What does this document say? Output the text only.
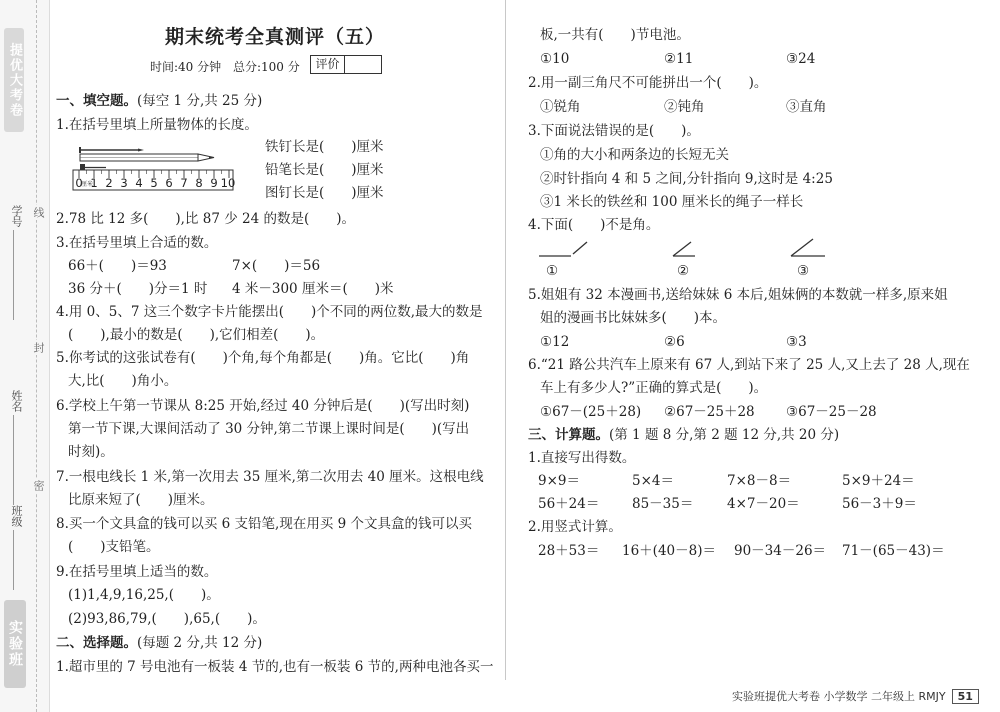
提优大考卷
学号
姓名
班级
实验班
线
封
密
期末统考全真测评（五）
时间:40 分钟 总分:100 分	评价
一、填空题。(每空 1 分,共 25 分)
1.在括号里填上所量物体的长度。
0
厘米
1 2 3 4 5 6 7 8 9 10
铁钉长是(　　)厘米
铅笔长是(　　)厘米
图钉长是(　　)厘米
2.78 比 12 多(　　),比 87 少 24 的数是(　　)。
3.在括号里填上合适的数。
66＋(　　)＝93	7×(　　)＝56
36 分＋(　　)分＝1 时 4 米－300 厘米＝(　　)米
4.用 0、5、7 这三个数字卡片能摆出(　　)个不同的两位数,最大的数是
(　　),最小的数是(　　),它们相差(　　)。
5.你考试的这张试卷有(　　)个角,每个角都是(　　)角。它比(　　)角
大,比(　　)角小。
6.学校上午第一节课从 8:25 开始,经过 40 分钟后是(　　)(写出时刻)
第一节下课,大课间活动了 30 分钟,第二节课上课时间是(　　)(写出
时刻)。
7.一根电线长 1 米,第一次用去 35 厘米,第二次用去 40 厘米。这根电线
比原来短了(　　)厘米。
8.买一个文具盒的钱可以买 6 支铅笔,现在用买 9 个文具盒的钱可以买
(　　)支铅笔。
9.在括号里填上适当的数。
(1)1,4,9,16,25,(　　)。
(2)93,86,79,(　　),65,(　　)。
二、选择题。(每题 2 分,共 12 分)
1.超市里的 7 号电池有一板装 4 节的,也有一板装 6 节的,两种电池各买一
板,一共有(　　)节电池。
①10	②11	③24
2.用一副三角尺不可能拼出一个(　　)。
①锐角	②钝角	③直角
3.下面说法错误的是(　　)。
①角的大小和两条边的长短无关
②时针指向 4 和 5 之间,分针指向 9,这时是 4:25
③1 米长的铁丝和 100 厘米长的绳子一样长
4.下面(　　)不是角。
①	②	③
5.姐姐有 32 本漫画书,送给妹妹 6 本后,姐妹俩的本数就一样多,原来姐
姐的漫画书比妹妹多(　　)本。
①12	②6	③3
6.“21 路公共汽车上原来有 67 人,到站下来了 25 人,又上去了 28 人,现在
车上有多少人?”正确的算式是(　　)。
①67－(25＋28) ②67－25＋28 ③67－25－28
三、计算题。(第 1 题 8 分,第 2 题 12 分,共 20 分)
1.直接写出得数。
9×9＝	5×4＝	7×8－8＝	5×9＋24＝
56＋24＝ 85－35＝ 4×7－20＝	56－3＋9＝
2.用竖式计算。
28＋53＝ 16＋(40－8)＝ 90－34－26＝ 71－(65－43)＝
实验班提优大考卷 小学数学 二年级上 RMJY 51
